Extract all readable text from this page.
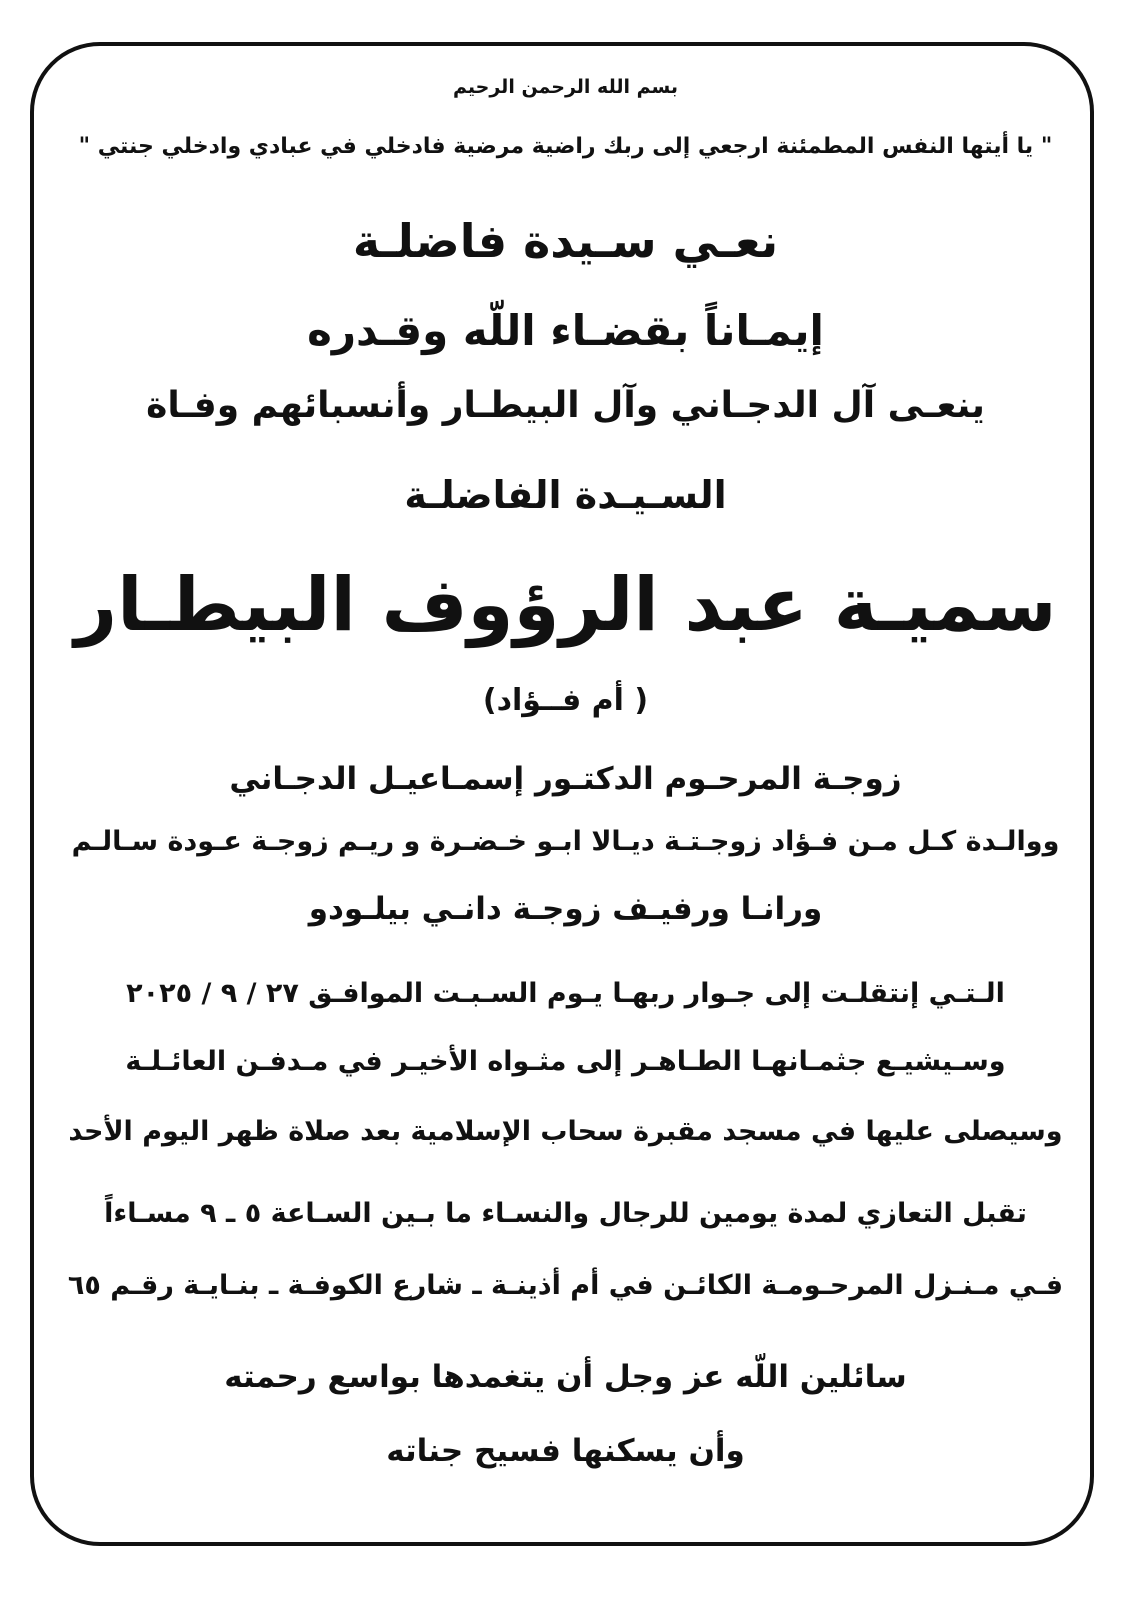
بسم الله الرحمن الرحيم
" يا أيتها النفس المطمئنة ارجعي إلى ربك راضية مرضية فادخلي في عبادي وادخلي جنتي "
نعـي سـيدة فاضلـة
إيمـاناً بقضـاء اللّه وقـدره
ينعـى آل الدجـاني وآل البيطـار وأنسبائهم وفـاة
السـيـدة الفاضلـة
سميـة عبد الرؤوف البيطـار
( أم فــؤاد)
زوجـة المرحـوم الدكتـور إسمـاعيـل الدجـاني
ووالـدة كـل مـن فـؤاد زوجـتـة ديـالا ابـو خـضـرة و ريـم زوجـة عـودة سـالـم
ورانـا ورفيـف زوجـة دانـي بيلـودو
الـتـي إنتقلـت إلى جـوار ربهـا يـوم السـبـت الموافـق ٢٧ / ٩ / ٢٠٢٥
وسـيشيـع جثمـانهـا الطـاهـر إلى مثـواه الأخيـر في مـدفـن العائـلـة
وسيصلى عليها في مسجد مقبرة سحاب الإسلامية بعد صلاة ظهر اليوم الأحد
تقبل التعازي لمدة يومين للرجال والنسـاء ما بـين السـاعة ٥ ـ ٩ مسـاءاً
فـي مـنـزل المرحـومـة الكائـن في أم أذينـة ـ شارع الكوفـة ـ بنـايـة رقـم ٦٥
سائلين اللّه عز وجل أن يتغمدها بواسع رحمته
وأن يسكنها فسيح جناته
